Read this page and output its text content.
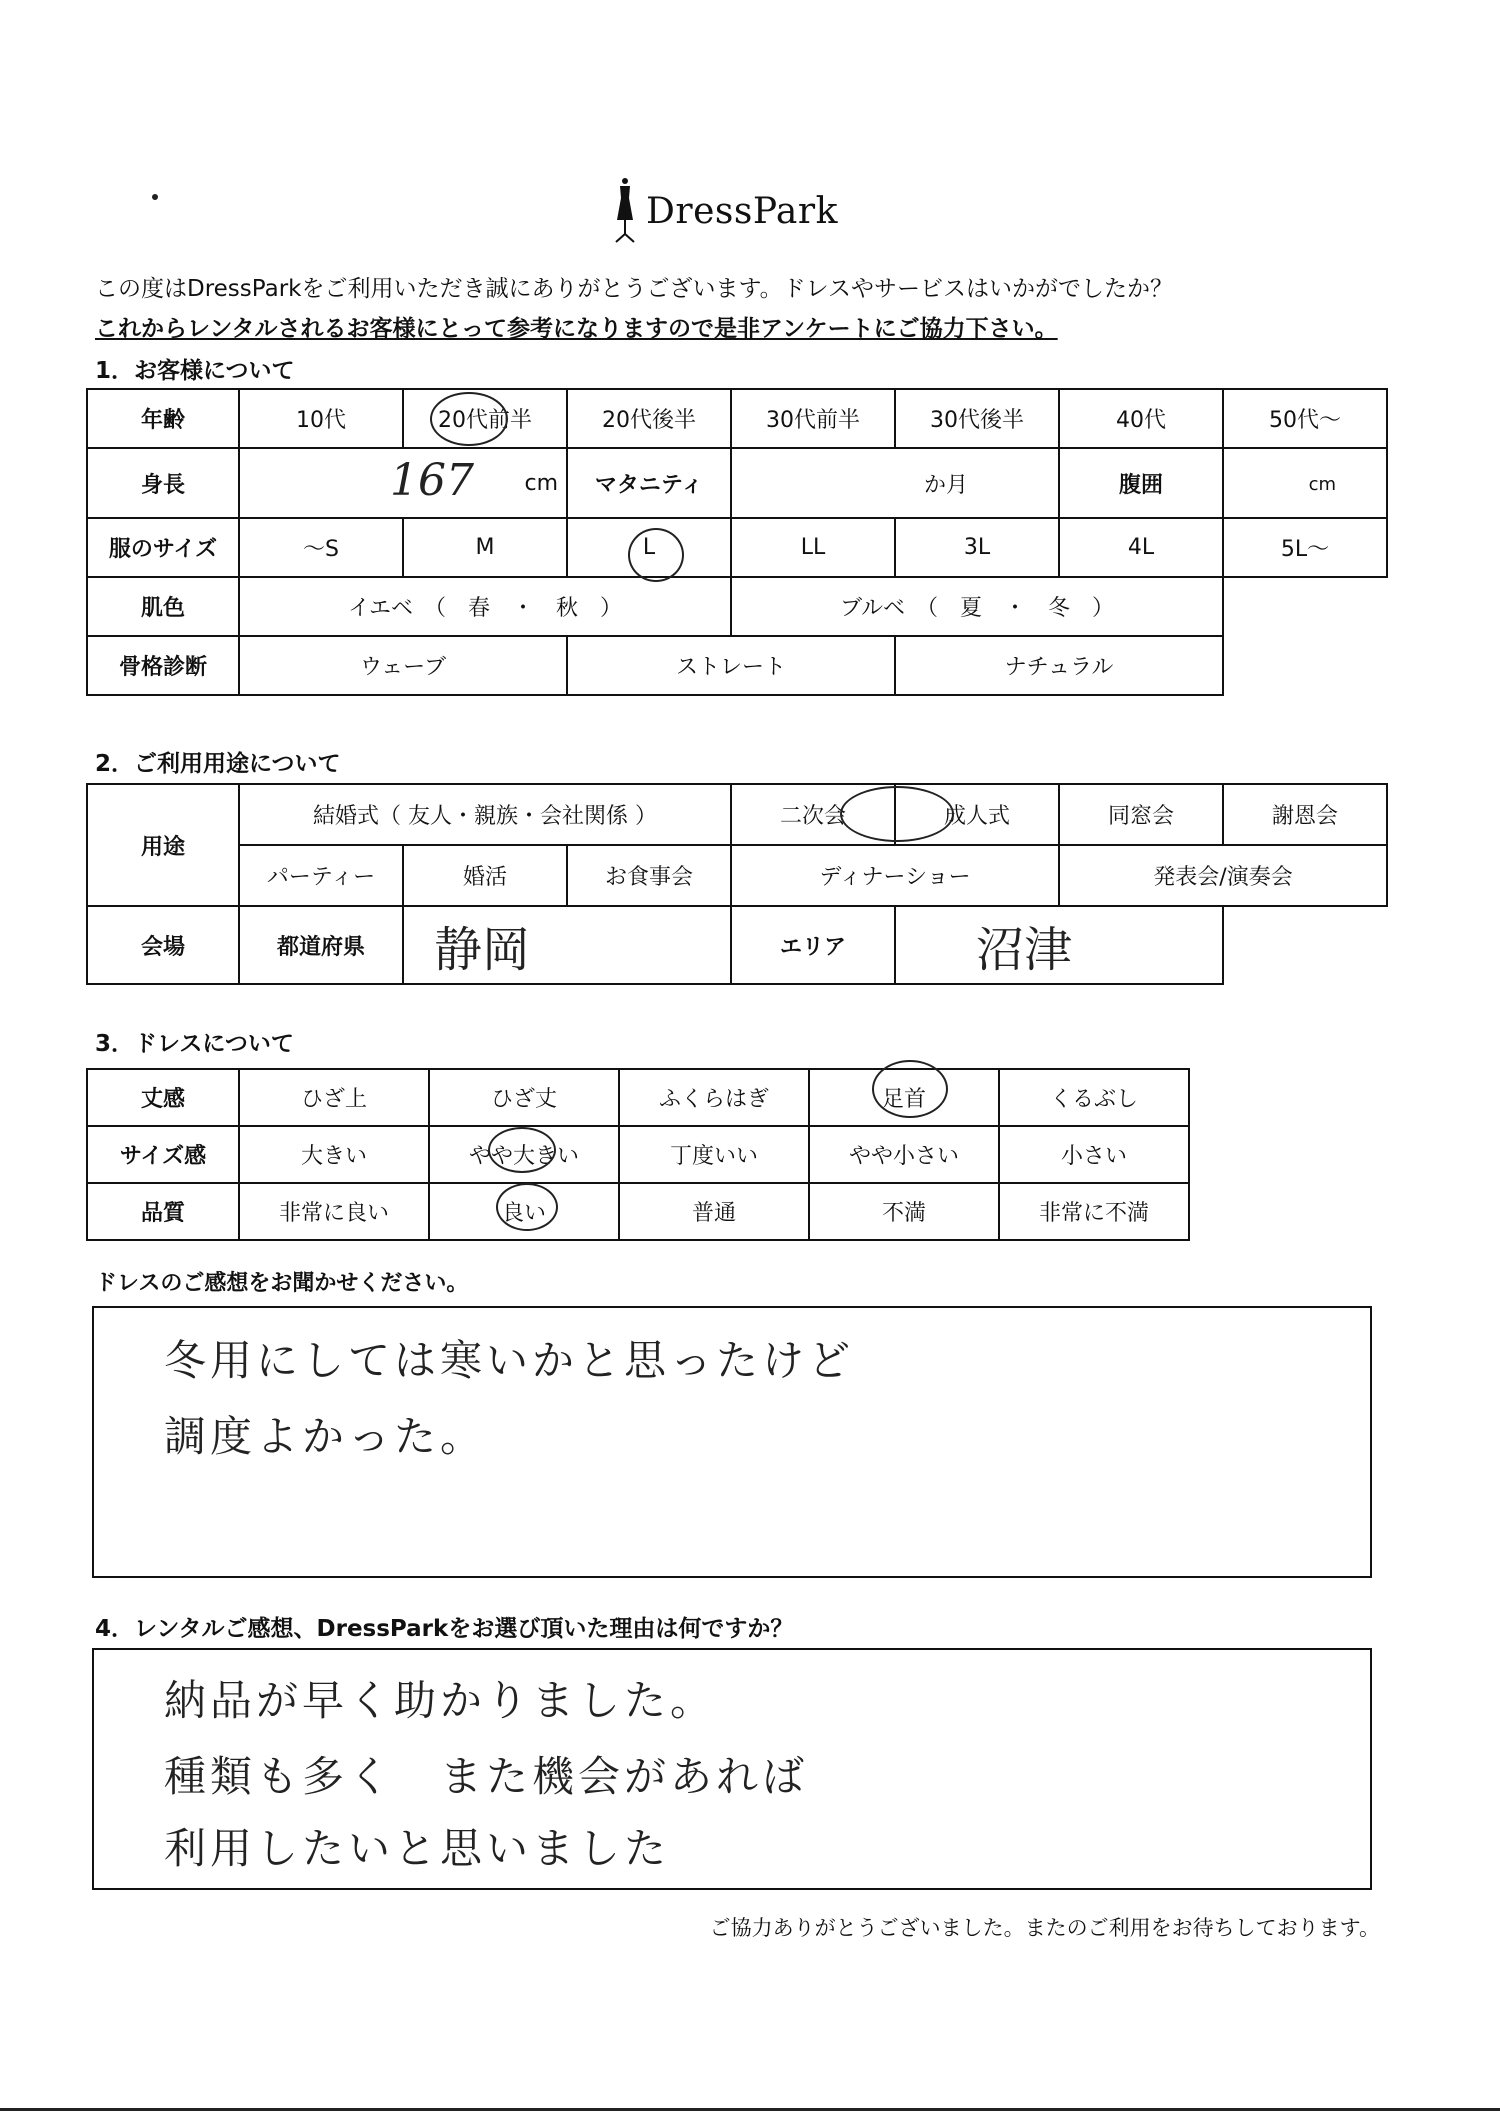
DressPark
この度はDressParkをご利用いただき誠にありがとうございます。ドレスやサービスはいかがでしたか？
これからレンタルされるお客様にとって参考になりますので是非アンケートにご協力下さい。
1．お客様について
年齢	10代	20代前半	20代後半	30代前半	30代後半	40代	50代～
身長	167 cm		マタニティ	か月		腹囲	cm
服のサイズ	～S	M	L	LL	3L	4L	5L～
肌色	イエベ　（　春　・　秋　）			ブルベ　（　夏　・　冬　）			
骨格診断	ウェーブ		ストレート		ナチュラル		
2．ご利用用途について
用途	結婚式（ 友人・親族・会社関係 ）			二次会	成人式	同窓会	謝恩会
	パーティー	婚活	お食事会	ディナーショー		発表会/演奏会	
会場	都道府県	静岡		エリア	沼津		
3．ドレスについて
丈感	ひざ上	ひざ丈	ふくらはぎ	足首	くるぶし
サイズ感	大きい	やや大きい	丁度いい	やや小さい	小さい
品質	非常に良い	良い	普通	不満	非常に不満
ドレスのご感想をお聞かせください。
冬用にしては寒いかと思ったけど
調度よかった。
4．レンタルご感想、DressParkをお選び頂いた理由は何ですか？
納品が早く助かりました。
種類も多く　また機会があれば
利用したいと思いました
ご協力ありがとうございました。またのご利用をお待ちしております。
